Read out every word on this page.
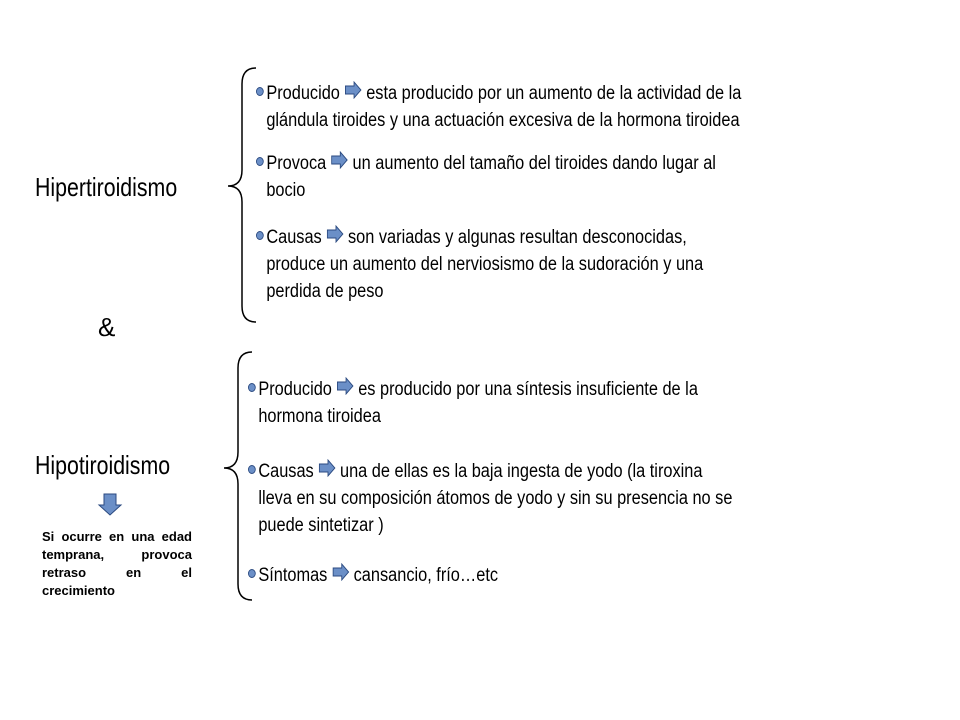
Hipertiroidismo
&
Hipotiroidismo
Producido esta producido por un aumento de la actividad de la
glándula tiroides y una actuación excesiva de la hormona tiroidea
Provoca un aumento del tamaño del tiroides dando lugar al
bocio
Causas son variadas y algunas resultan desconocidas,
produce un aumento del nerviosismo de la sudoración y una
perdida de peso
Producido es producido por una síntesis insuficiente de la
hormona tiroidea
Causas una de ellas es la baja ingesta de yodo (la tiroxina
lleva en su composición átomos de yodo y sin su presencia no se
puede sintetizar )
Síntomas cansancio, frío…etc
Si ocurre en una edad temprana, provoca retraso en el crecimiento
